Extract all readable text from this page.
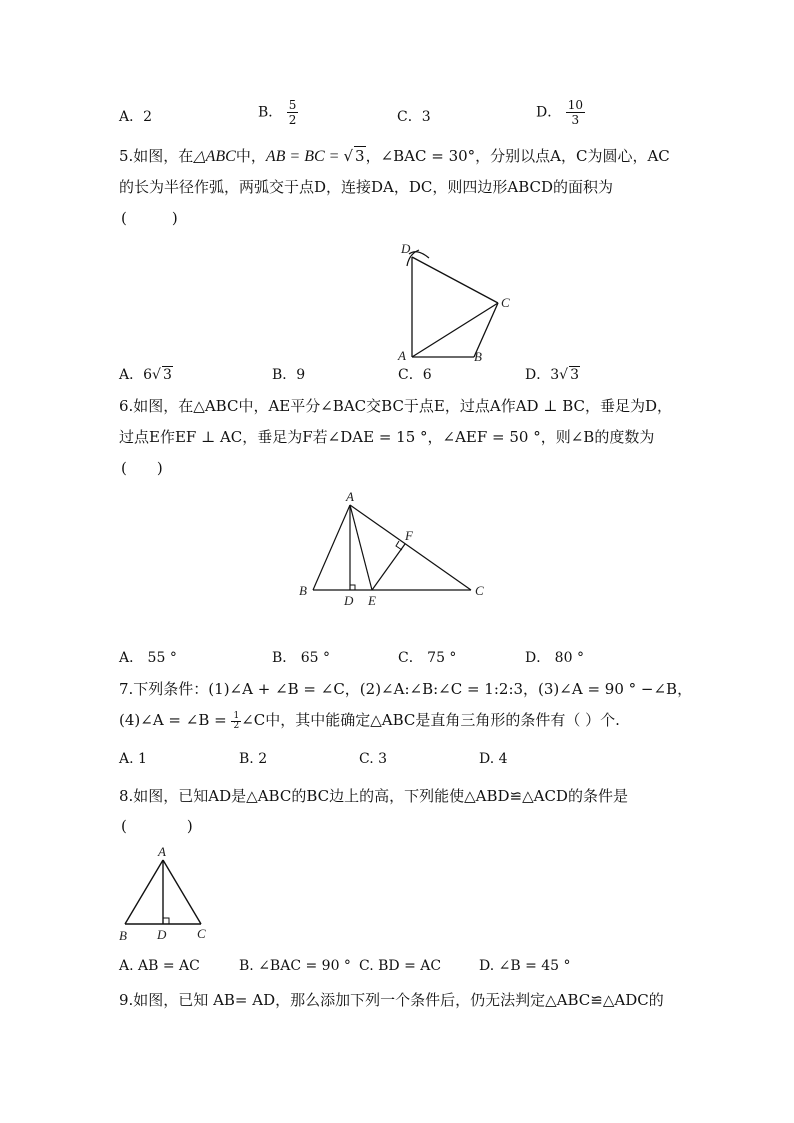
A．2	B． $\frac{5}{2}$	C．3	D． $\frac{10}{3}$
5.如图，在△ABC中，AB = BC = √ 3，∠BAC = 30°，分别以点A，C为圆心，AC
的长为半径作弧，两弧交于点D，连接DA，DC，则四边形ABCD的面积为
(　　　)
D
C
A	B
A．6√ 3	B．9	C．6	D．3√ 3
6.如图，在△ABC中，AE平分∠BAC交BC于点E，过点A作AD ⊥ BC，垂足为D，
过点E作EF ⊥ AC，垂足为F若∠DAE = 15 °，∠AEF = 50 °，则∠B的度数为
(　　)
A
F
B
D E
C
A． 55 °	B． 65 °	C． 75 °	D． 80 °
7.下列条件：(1)∠A + ∠B = ∠C，(2)∠A:∠B:∠C = 1:2:3，(3)∠A = 90 ° −∠B，
(4)∠A = ∠B = $\frac{1}{2}$ ∠C中，其中能确定△ABC是直角三角形的条件有（ ）个.
A. 1	B. 2	C. 3	D. 4
8.如图，已知AD是△ABC的BC边上的高，下列能使△ABD≌△ACD的条件是
(　　　　)
A
B D C
A. AB = AC	B. ∠BAC = 90 ° C. BD = AC	D. ∠B = 45 °
9.如图，已知 AB= AD，那么添加下列一个条件后，仍无法判定△ABC≌△ADC的
